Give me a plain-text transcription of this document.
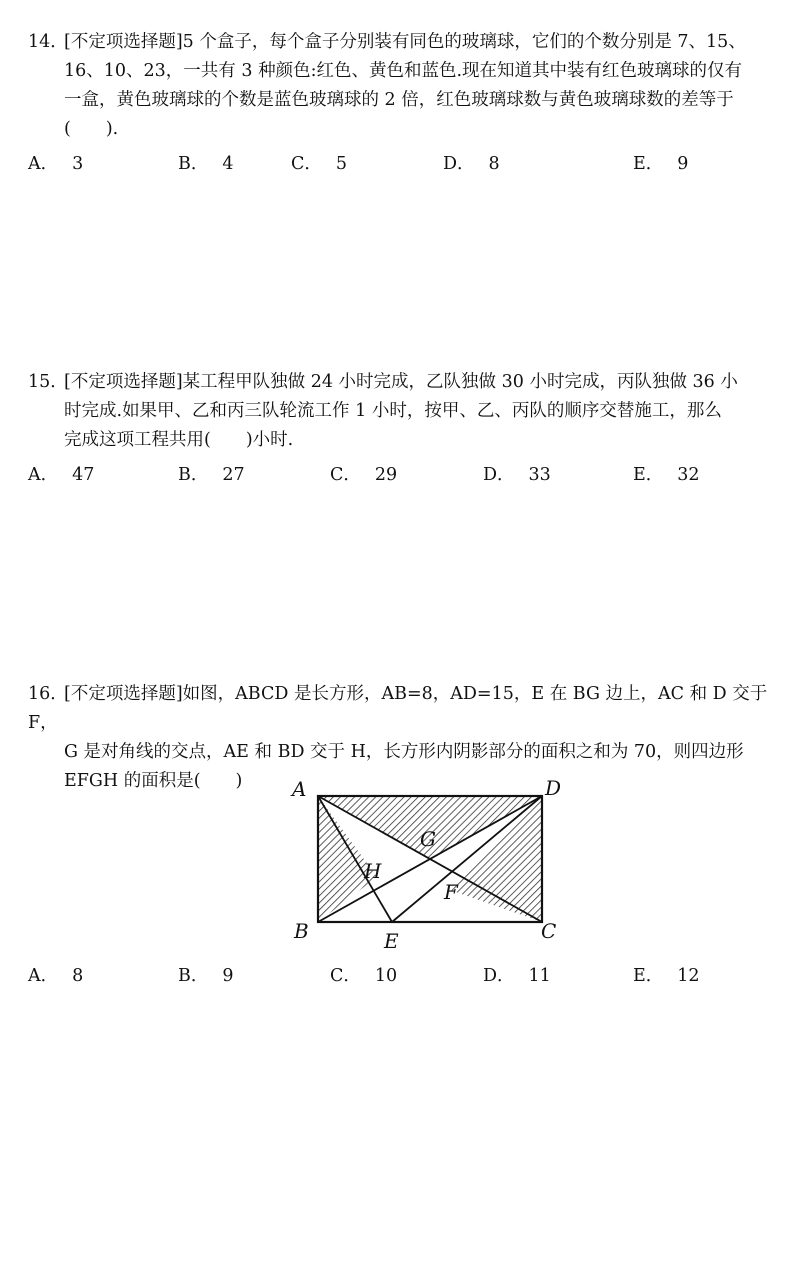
14．[不定项选择题]5 个盒子，每个盒子分别装有同色的玻璃球，它们的个数分别是 7、15、
16、10、23，一共有 3 种颜色:红色、黄色和蓝色.现在知道其中装有红色玻璃球的仅有
一盒，黄色玻璃球的个数是蓝色玻璃球的 2 倍，红色玻璃球数与黄色玻璃球数的差等于
(　　).

A． 3	B． 4	C． 5	D． 8	E． 9

15．[不定项选择题]某工程甲队独做 24 小时完成，乙队独做 30 小时完成，丙队独做 36 小
时完成.如果甲、乙和丙三队轮流工作 1 小时，按甲、乙、丙队的顺序交替施工，那么
完成这项工程共用(　　)小时.

A． 47	B． 27	C． 29	D． 33	E． 32

16．[不定项选择题]如图，ABCD 是长方形，AB=8，AD=15，E 在 BG 边上，AC 和 D 交于 F，
G 是对角线的交点，AE 和 BD 交于 H，长方形内阴影部分的面积之和为 70，则四边形
EFGH 的面积是(　　)	A	D
B	C
E
G
H
F
A． 8	B． 9	C． 10	D． 11	E． 12
